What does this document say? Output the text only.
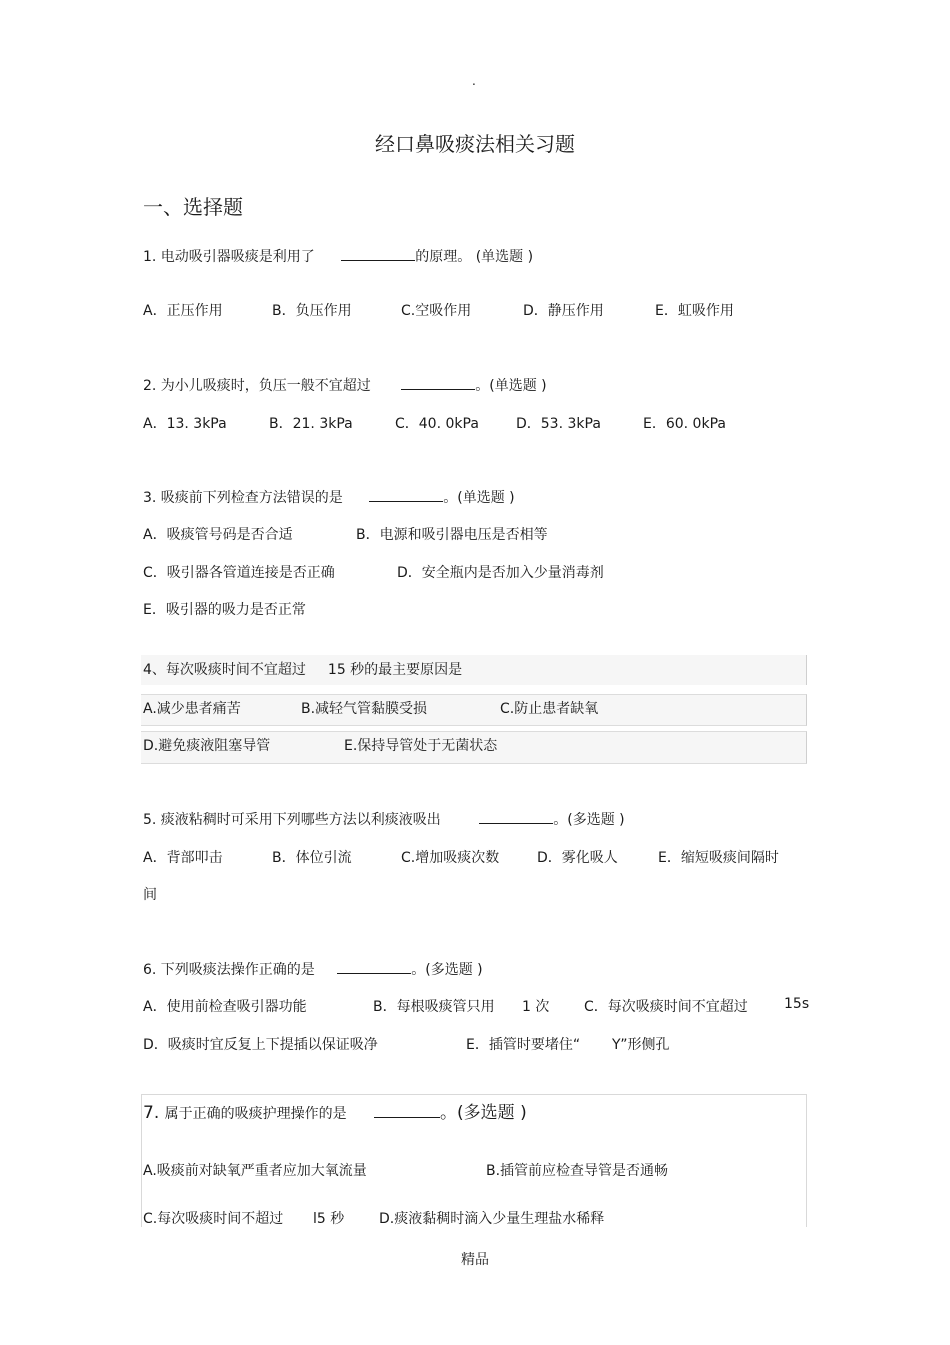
.
经口鼻吸痰法相关习题
一、选择题
1. 电动吸引器吸痰是利用了	的原理。 (单选题 )
A．正压作用	B．负压作用	C.空吸作用	D．静压作用	E．虹吸作用
2. 为小儿吸痰时，负压一般不宜超过	。(单选题 )
A．13. 3kPa	B．21. 3kPa	C．40. 0kPa	D．53. 3kPa	E．60. 0kPa
3. 吸痰前下列检查方法错误的是	。(单选题 )
A．吸痰管号码是否合适	B．电源和吸引器电压是否相等
C．吸引器各管道连接是否正确	D．安全瓶内是否加入少量消毒剂
E．吸引器的吸力是否正常
4、每次吸痰时间不宜超过 15 秒的最主要原因是
A.减少患者痛苦	B.减轻气管黏膜受损	C.防止患者缺氧
D.避免痰液阻塞导管	E.保持导管处于无菌状态
5. 痰液粘稠时可采用下列哪些方法以利痰液吸出	。(多选题 )
A．背部叩击	B．体位引流	C.增加吸痰次数	D．雾化吸人	E．缩短吸痰间隔时
间
6. 下列吸痰法操作正确的是	。(多选题 )
A．使用前检查吸引器功能	B．每根吸痰管只用 1 次 C．每次吸痰时间不宜超过	15s
D．吸痰时宜反复上下提插以保证吸净	E．插管时要堵住“ Y”形侧孔
7. 属于正确的吸痰护理操作的是	。(多选题 )
A.吸痰前对缺氧严重者应加大氧流量	B.插管前应检查导管是否通畅
C.每次吸痰时间不超过 l5 秒 D.痰液黏稠时滴入少量生理盐水稀释
精品
